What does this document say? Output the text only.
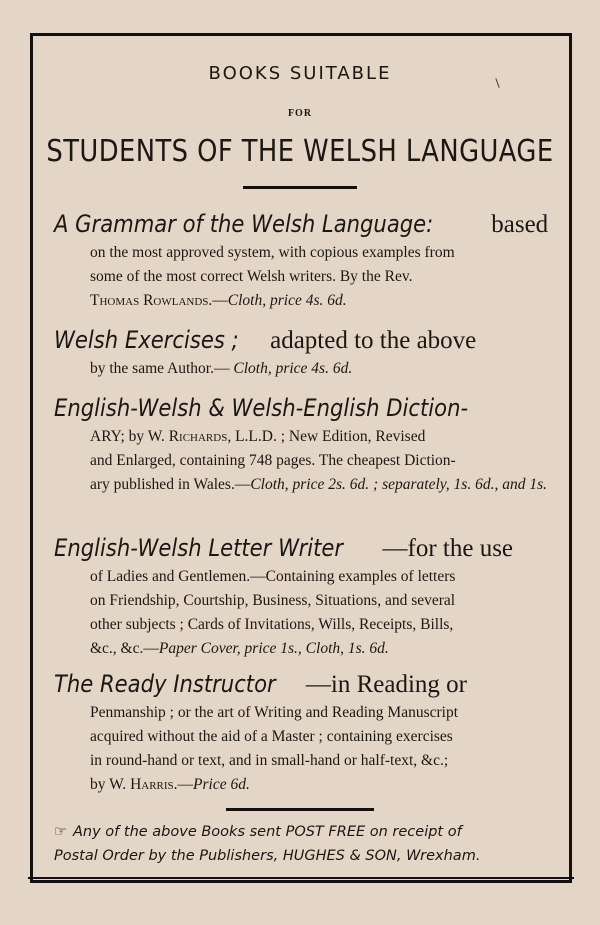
BOOKS SUITABLE
FOR
STUDENTS OF THE WELSH LANGUAGE
A Grammar of the Welsh Language: based

on the most approved system, with copious examples from

some of the most correct Welsh writers. By the Rev.

Thomas Rowlands.—Cloth, price 4s. 6d.

Welsh Exercises ; adapted to the above

by the same Author.— Cloth, price 4s. 6d.

English-Welsh & Welsh-English Diction-

ARY; by W. Richards, L.L.D. ; New Edition, Revised

and Enlarged, containing 748 pages. The cheapest Diction-

ary published in Wales.—Cloth, price 2s. 6d. ; separately, 1s. 6d., and 1s.

English-Welsh Letter Writer —for the use

of Ladies and Gentlemen.—Containing examples of letters

on Friendship, Courtship, Business, Situations, and several

other subjects ; Cards of Invitations, Wills, Receipts, Bills,

&c., &c.—Paper Cover, price 1s., Cloth, 1s. 6d.

The Ready Instructor —in Reading or

Penmanship ; or the art of Writing and Reading Manuscript

acquired without the aid of a Master ; containing exercises

in round-hand or text, and in small-hand or half-text, &c.;

by W. Harris.—Price 6d.

☞ Any of the above Books sent POST FREE on receipt of
Postal Order by the Publishers, HUGHES & SON, Wrexham.
